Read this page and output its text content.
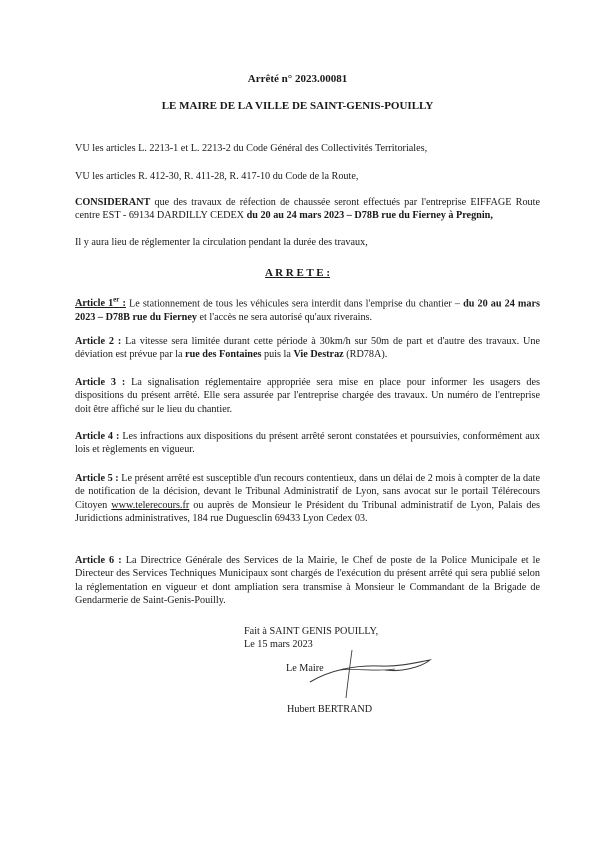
Arrêté n° 2023.00081
LE MAIRE DE LA VILLE DE SAINT-GENIS-POUILLY
VU les articles L. 2213-1 et L. 2213-2 du Code Général des Collectivités Territoriales,
VU les articles R. 412-30, R. 411-28, R. 417-10 du Code de la Route,
CONSIDERANT que des travaux de réfection de chaussée seront effectués par l'entreprise EIFFAGE Route centre EST - 69134 DARDILLY CEDEX du 20 au 24 mars 2023 – D78B rue du Fierney à Pregnin,
Il y aura lieu de réglementer la circulation pendant la durée des travaux,
A R R E T E :
Article 1er : Le stationnement de tous les véhicules sera interdit dans l'emprise du chantier – du 20 au 24 mars 2023 – D78B rue du Fierney et l'accès ne sera autorisé qu'aux riverains.
Article 2 : La vitesse sera limitée durant cette période à 30km/h sur 50m de part et d'autre des travaux. Une déviation est prévue par la rue des Fontaines puis la Vie Destraz (RD78A).
Article 3 : La signalisation réglementaire appropriée sera mise en place pour informer les usagers des dispositions du présent arrêté. Elle sera assurée par l'entreprise chargée des travaux. Un numéro de l'entreprise doit être affiché sur le lieu du chantier.
Article 4 : Les infractions aux dispositions du présent arrêté seront constatées et poursuivies, conformément aux lois et règlements en vigueur.
Article 5 : Le présent arrêté est susceptible d'un recours contentieux, dans un délai de 2 mois à compter de la date de notification de la décision, devant le Tribunal Administratif de Lyon, sans avocat sur le portail Télérecours Citoyen www.telerecours.fr ou auprès de Monsieur le Président du Tribunal administratif de Lyon, Palais des Juridictions administratives, 184 rue Duguesclin 69433 Lyon Cedex 03.
Article 6 : La Directrice Générale des Services de la Mairie, le Chef de poste de la Police Municipale et le Directeur des Services Techniques Municipaux sont chargés de l'exécution du présent arrêté qui sera publié selon la réglementation en vigueur et dont ampliation sera transmise à Monsieur le Commandant de la Brigade de Gendarmerie de Saint-Genis-Pouilly.
Fait à SAINT GENIS POUILLY,
Le 15 mars 2023
Le Maire
Hubert BERTRAND
